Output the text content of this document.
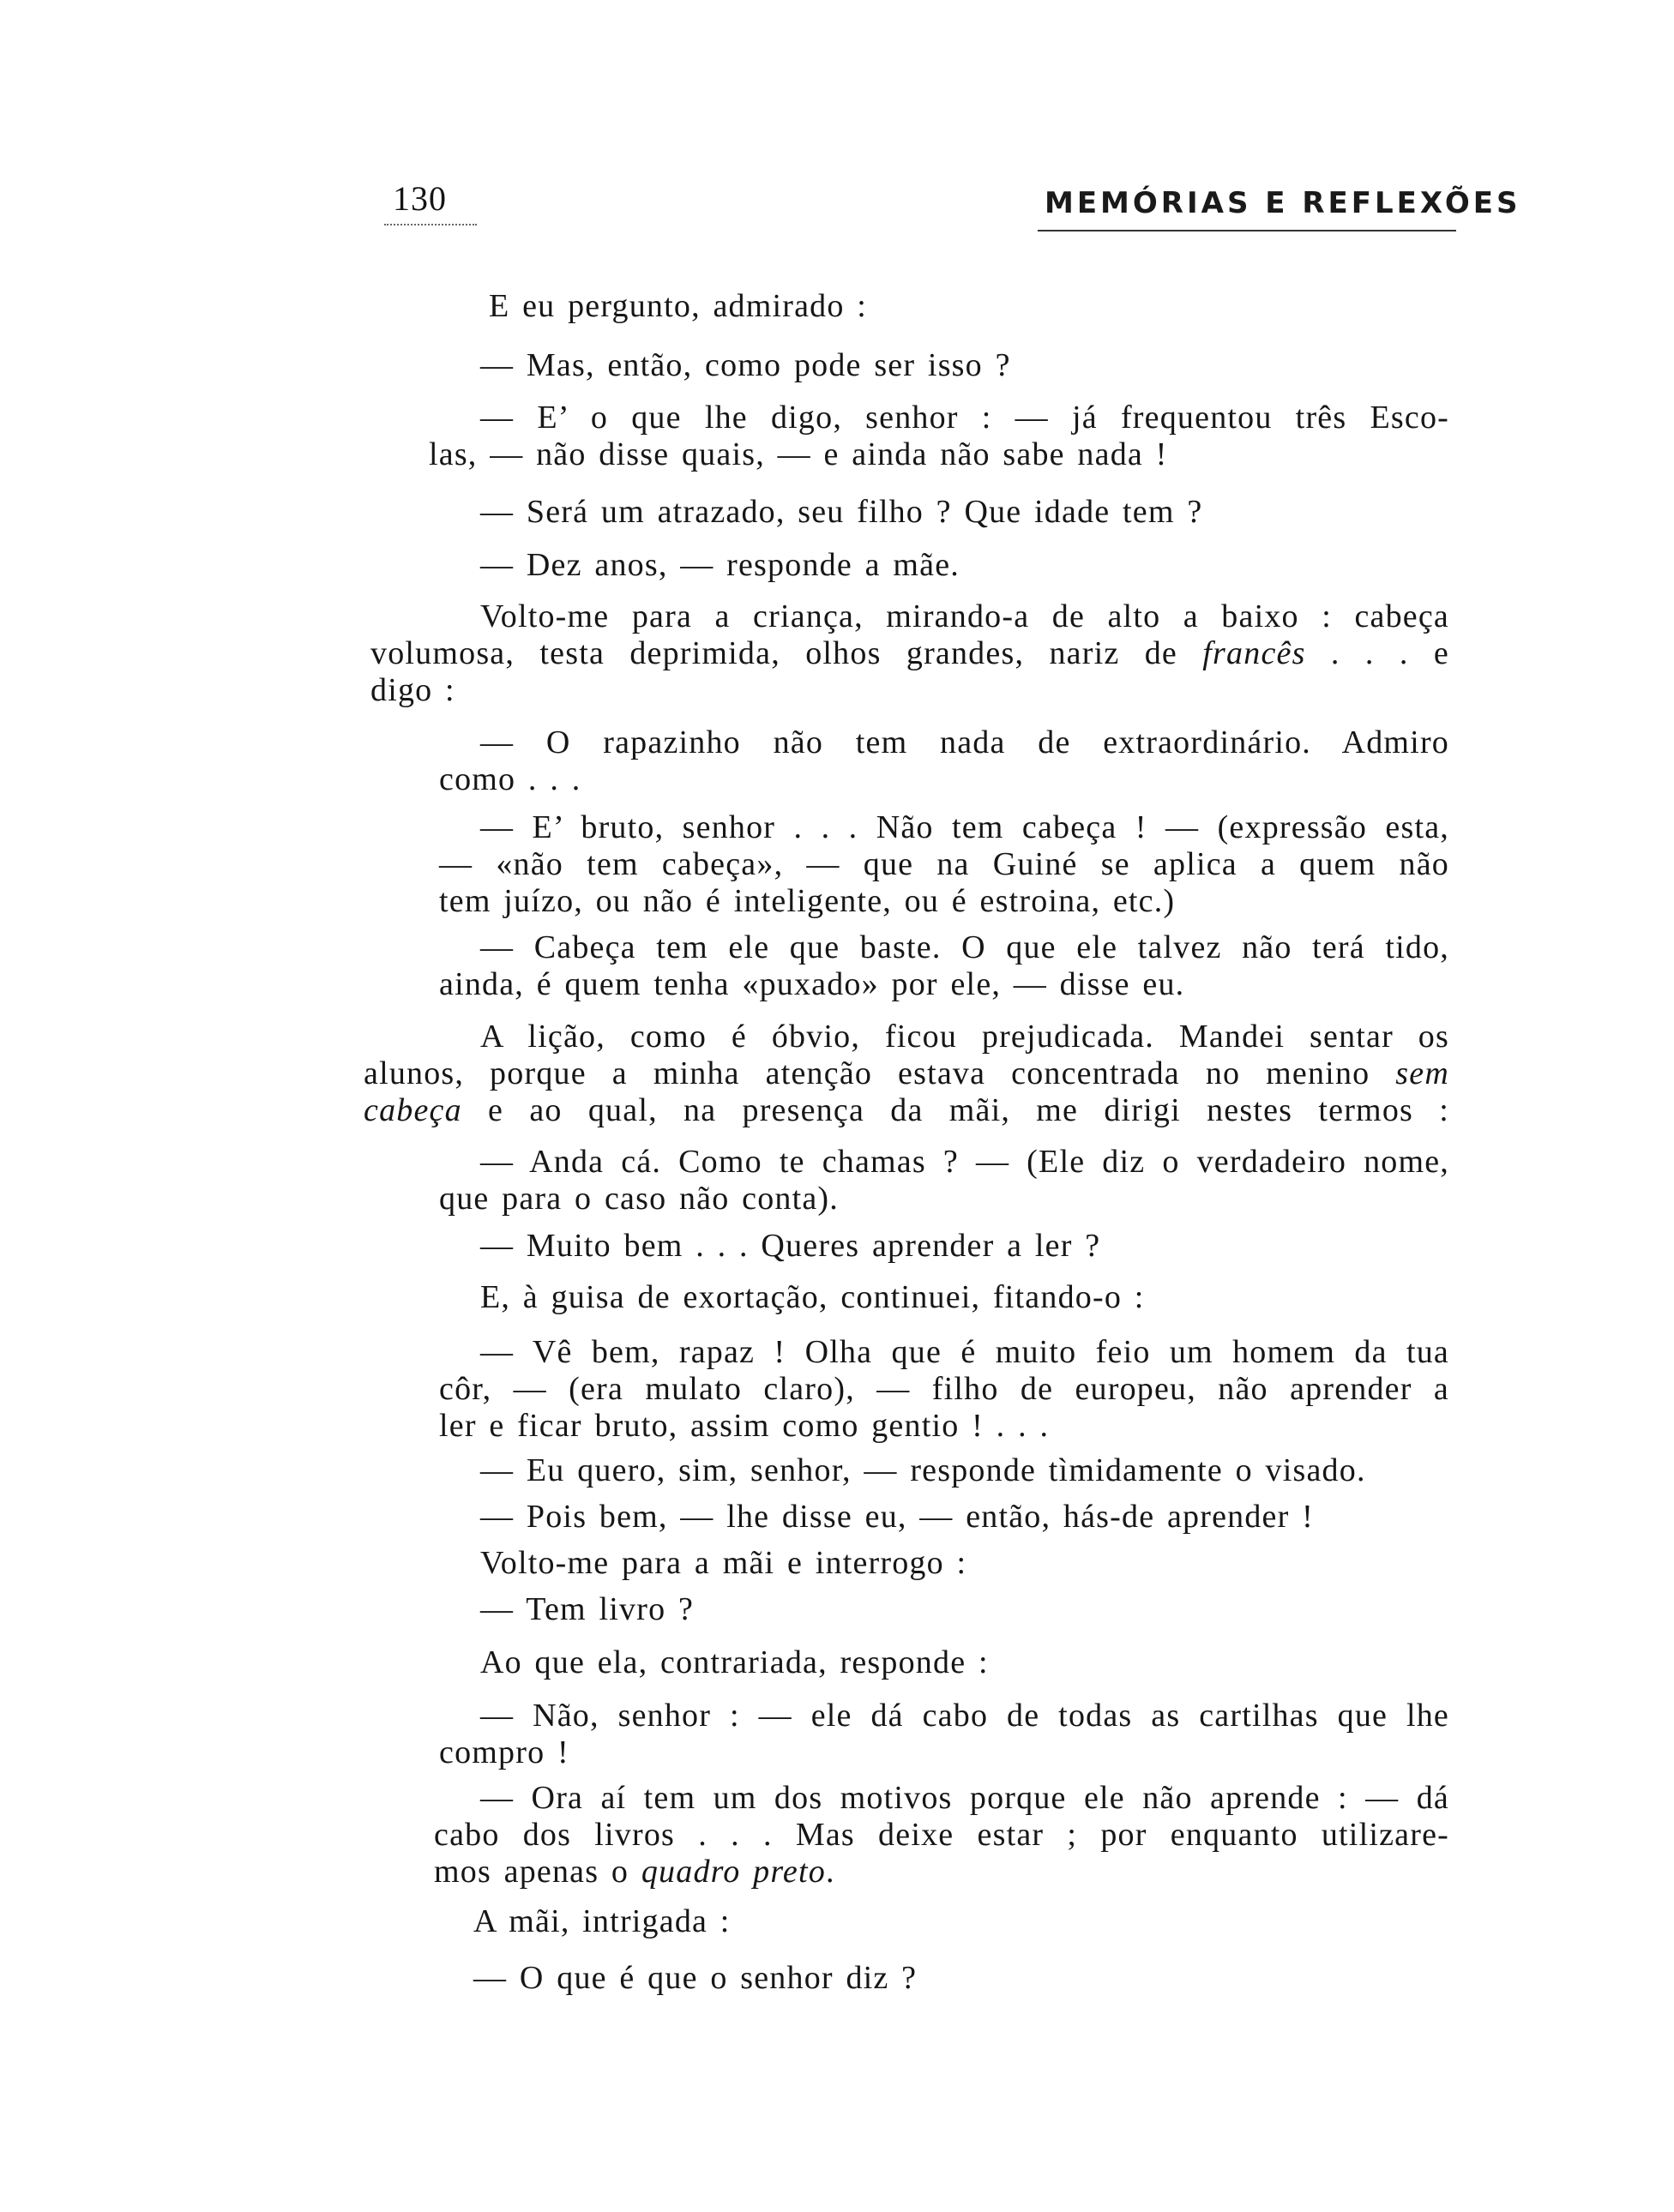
130	MEMÓRIAS E REFLEXÕES

E eu pergunto, admirado :

— Mas, então, como pode ser isso ?

— E’ o que lhe digo, senhor : — já frequentou três Esco-
las, — não disse quais, — e ainda não sabe nada !

— Será um atrazado, seu filho ? Que idade tem ?

— Dez anos, — responde a mãe.

Volto-me para a criança, mirando-a de alto a baixo : cabeça
volumosa, testa deprimida, olhos grandes, nariz de francês . . . e
digo :

— O rapazinho não tem nada de extraordinário. Admiro
como . . .

— E’ bruto, senhor . . . Não tem cabeça ! — (expressão esta,
— «não tem cabeça», — que na Guiné se aplica a quem não
tem juízo, ou não é inteligente, ou é estroina, etc.)

— Cabeça tem ele que baste. O que ele talvez não terá tido,
ainda, é quem tenha «puxado» por ele, — disse eu.

A lição, como é óbvio, ficou prejudicada. Mandei sentar os
alunos, porque a minha atenção estava concentrada no menino sem
cabeça e ao qual, na presença da mãi, me dirigi nestes termos :

— Anda cá. Como te chamas ? — (Ele diz o verdadeiro nome,
que para o caso não conta).

— Muito bem . . . Queres aprender a ler ?

E, à guisa de exortação, continuei, fitando-o :

— Vê bem, rapaz ! Olha que é muito feio um homem da tua
côr, — (era mulato claro), — filho de europeu, não aprender a
ler e ficar bruto, assim como gentio ! . . .

— Eu quero, sim, senhor, — responde tìmidamente o visado.

— Pois bem, — lhe disse eu, — então, hás-de aprender !

Volto-me para a mãi e interrogo :

— Tem livro ?

Ao que ela, contrariada, responde :

— Não, senhor : — ele dá cabo de todas as cartilhas que lhe
compro !

— Ora aí tem um dos motivos porque ele não aprende : — dá
cabo dos livros . . . Mas deixe estar ; por enquanto utilizare-
mos apenas o quadro preto.

A mãi, intrigada :

— O que é que o senhor diz ?
